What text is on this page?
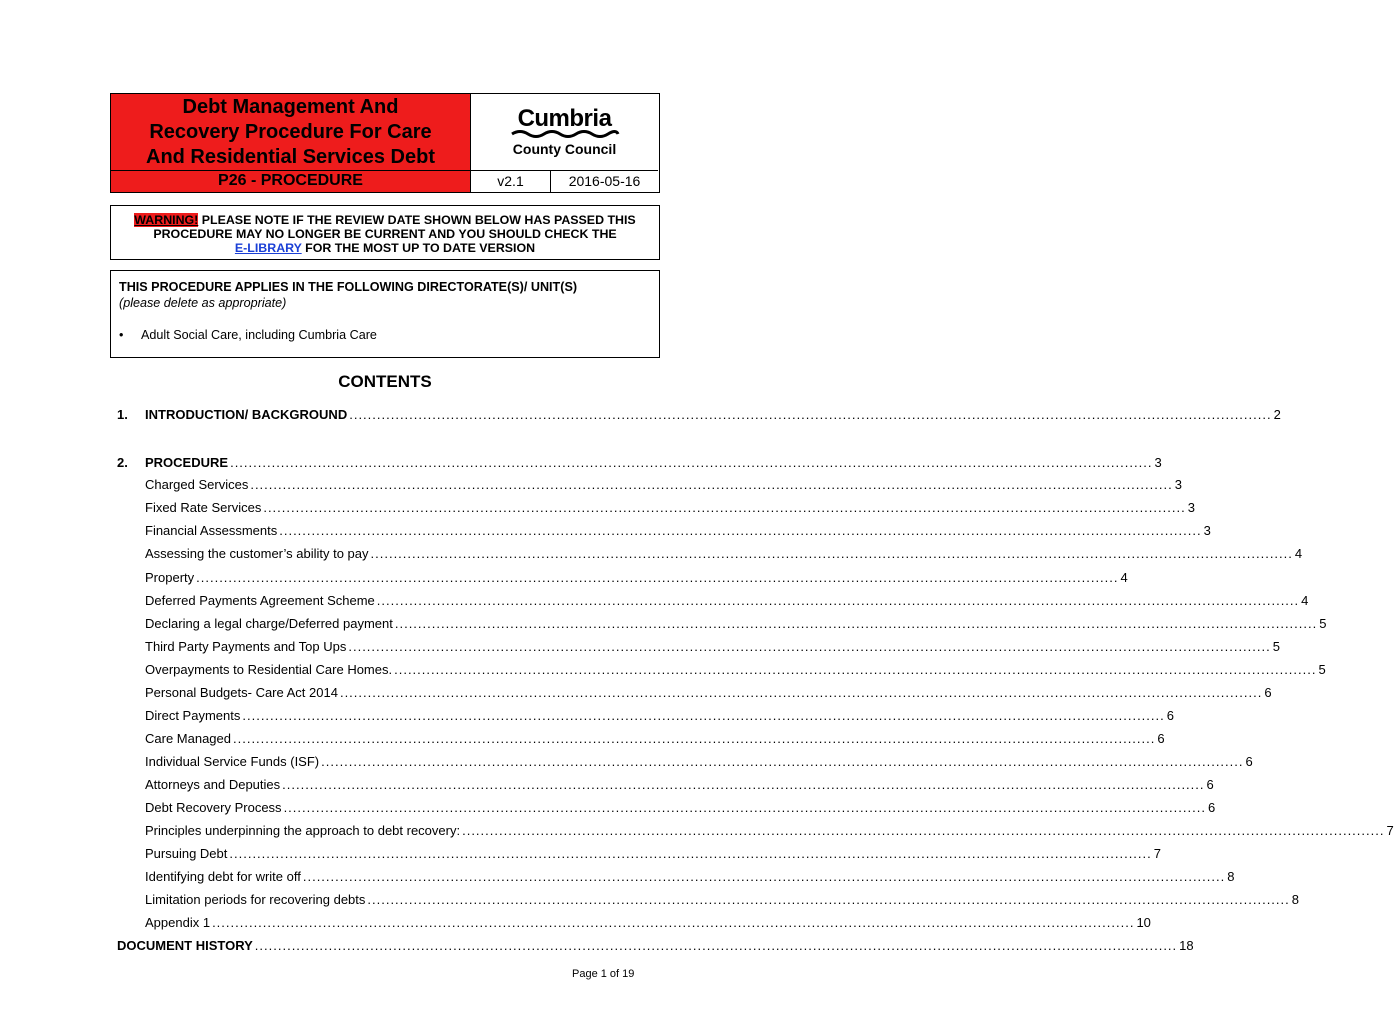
Debt Management And
Recovery Procedure For Care
And Residential Services Debt
Cumbria
County Council
P26 - PROCEDURE	v2.1	2016-05-16
WARNING! PLEASE NOTE IF THE REVIEW DATE SHOWN BELOW HAS PASSED THIS
PROCEDURE MAY NO LONGER BE CURRENT AND YOU SHOULD CHECK THE
E-LIBRARY FOR THE MOST UP TO DATE VERSION
THIS PROCEDURE APPLIES IN THE FOLLOWING DIRECTORATE(S)/ UNIT(S)
(please delete as appropriate)
• Adult Social Care, including Cumbria Care
CONTENTS
1. INTRODUCTION/ BACKGROUND ........................................................................................................................................................................................................ 2
2. PROCEDURE ........................................................................................................................................................................................................ 3
Charged Services ........................................................................................................................................................................................................ 3
Fixed Rate Services ........................................................................................................................................................................................................ 3
Financial Assessments ........................................................................................................................................................................................................ 3
Assessing the customer’s ability to pay ........................................................................................................................................................................................................ 4
Property ........................................................................................................................................................................................................ 4
Deferred Payments Agreement Scheme ........................................................................................................................................................................................................ 4
Declaring a legal charge/Deferred payment ........................................................................................................................................................................................................ 5
Third Party Payments and Top Ups ........................................................................................................................................................................................................ 5
Overpayments to Residential Care Homes. ........................................................................................................................................................................................................ 5
Personal Budgets- Care Act 2014 ........................................................................................................................................................................................................ 6
Direct Payments ........................................................................................................................................................................................................ 6
Care Managed ........................................................................................................................................................................................................ 6
Individual Service Funds (ISF) ........................................................................................................................................................................................................ 6
Attorneys and Deputies ........................................................................................................................................................................................................ 6
Debt Recovery Process ........................................................................................................................................................................................................ 6
Principles underpinning the approach to debt recovery: ........................................................................................................................................................................................................ 7
Pursuing Debt ........................................................................................................................................................................................................ 7
Identifying debt for write off ........................................................................................................................................................................................................ 8
Limitation periods for recovering debts ........................................................................................................................................................................................................ 8
Appendix 1 ........................................................................................................................................................................................................ 10
DOCUMENT HISTORY ........................................................................................................................................................................................................ 18
Page 1 of 19
